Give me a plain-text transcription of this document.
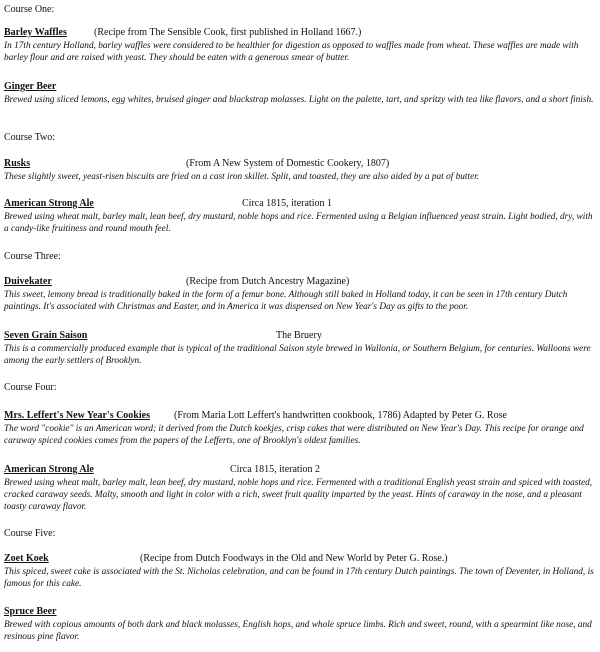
Course One:
Barley Waffles	(Recipe from The Sensible Cook, first published in Holland 1667.)
In 17th century Holland, barley waffles were considered to be healthier for digestion as opposed to waffles made from wheat. These waffles are made with barley flour and are raised with yeast. They should be eaten with a generous smear of butter.
Ginger Beer
Brewed using sliced lemons, egg whites, bruised ginger and blackstrap molasses. Light on the palette, tart, and spritzy with tea like flavors, and a short finish.
Course Two:
Rusks	(From A New System of Domestic Cookery, 1807)
These slightly sweet, yeast-risen biscuits are fried on a cast iron skillet. Split, and toasted, they are also aided by a pat of butter.
American Strong Ale	Circa 1815, iteration 1
Brewed using wheat malt, barley malt, lean beef, dry mustard, noble hops and rice. Fermented using a Belgian influenced yeast strain. Light bodied, dry, with a candy-like fruitiness and round mouth feel.
Course Three:
Duivekater	(Recipe from Dutch Ancestry Magazine)
This sweet, lemony bread is traditionally baked in the form of a femur bone. Although still baked in Holland today, it can be seen in 17th century Dutch paintings. It's associated with Christmas and Easter, and in America it was dispensed on New Year's Day as gifts to the poor.
Seven Grain Saison	The Bruery
This is a commercially produced example that is typical of the traditional Saison style brewed in Wallonia, or Southern Belgium, for centuries. Walloons were among the early settlers of Brooklyn.
Course Four:
Mrs. Leffert's New Year's Cookies (From Maria Lott Leffert's handwritten cookbook, 1786) Adapted by Peter G. Rose
The word "cookie" is an American word; it derived from the Dutch koekjes, crisp cakes that were distributed on New Year's Day. This recipe for orange and caraway spiced cookies comes from the papers of the Lefferts, one of Brooklyn's oldest families.
American Strong Ale	Circa 1815, iteration 2
Brewed using wheat malt, barley malt, lean beef, dry mustard, noble hops and rice. Fermented with a traditional English yeast strain and spiced with toasted, cracked caraway seeds. Malty, smooth and light in color with a rich, sweet fruit quality imparted by the yeast. Hints of caraway in the nose, and a pleasant toasty caraway flavor.
Course Five:
Zoet Koek	(Recipe from Dutch Foodways in the Old and New World by Peter G. Rose.)
This spiced, sweet cake is associated with the St. Nicholas celebration, and can be found in 17th century Dutch paintings. The town of Deventer, in Holland, is famous for this cake.
Spruce Beer
Brewed with copious amounts of both dark and black molasses, English hops, and whole spruce limbs. Rich and sweet, round, with a spearmint like nose, and resinous pine flavor.
